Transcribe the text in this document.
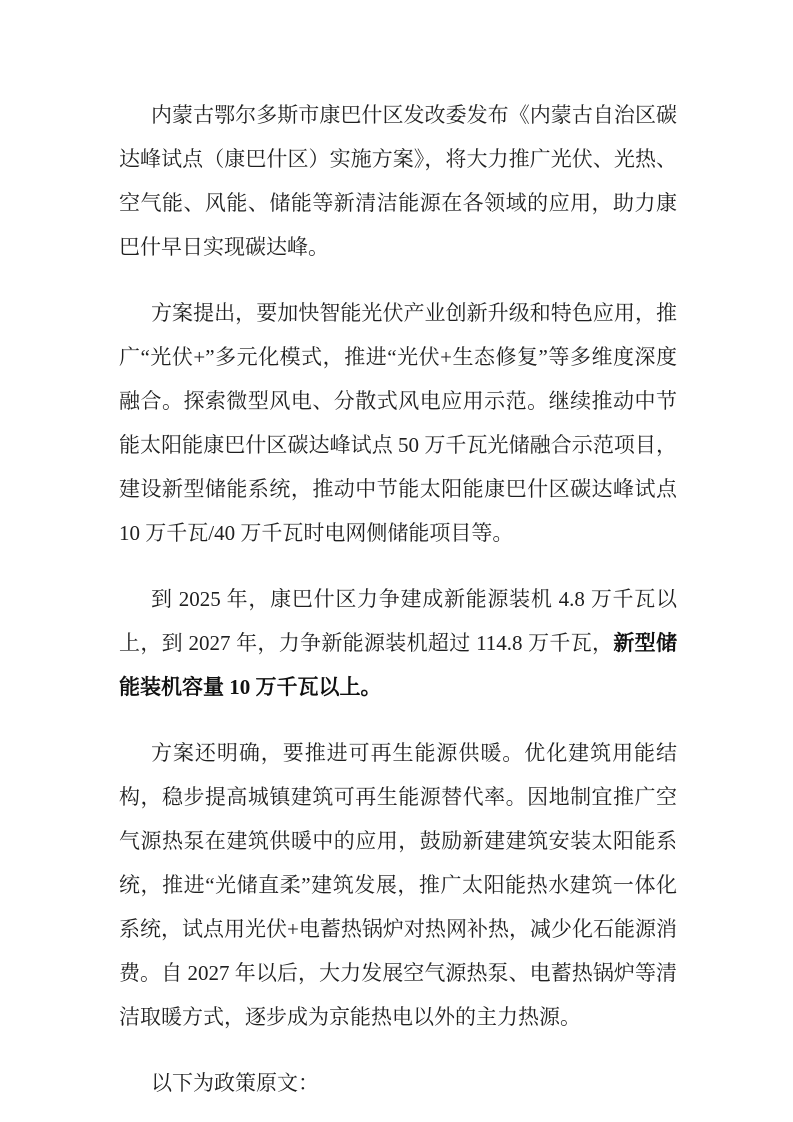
内蒙古鄂尔多斯市康巴什区发改委发布《内蒙古自治区碳达峰试点（康巴什区）实施方案》，将大力推广光伏、光热、空气能、风能、储能等新清洁能源在各领域的应用，助力康巴什早日实现碳达峰。

方案提出，要加快智能光伏产业创新升级和特色应用，推广“光伏+”多元化模式，推进“光伏+生态修复”等多维度深度融合。探索微型风电、分散式风电应用示范。继续推动中节能太阳能康巴什区碳达峰试点 50 万千瓦光储融合示范项目，建设新型储能系统，推动中节能太阳能康巴什区碳达峰试点 10 万千瓦/40 万千瓦时电网侧储能项目等。

到 2025 年，康巴什区力争建成新能源装机 4.8 万千瓦以上，到 2027 年，力争新能源装机超过 114.8 万千瓦，新型储能装机容量 10 万千瓦以上。

方案还明确，要推进可再生能源供暖。优化建筑用能结构，稳步提高城镇建筑可再生能源替代率。因地制宜推广空气源热泵在建筑供暖中的应用，鼓励新建建筑安装太阳能系统，推进“光储直柔”建筑发展，推广太阳能热水建筑一体化系统，试点用光伏+电蓄热锅炉对热网补热，减少化石能源消费。自 2027 年以后，大力发展空气源热泵、电蓄热锅炉等清洁取暖方式，逐步成为京能热电以外的主力热源。

以下为政策原文：
